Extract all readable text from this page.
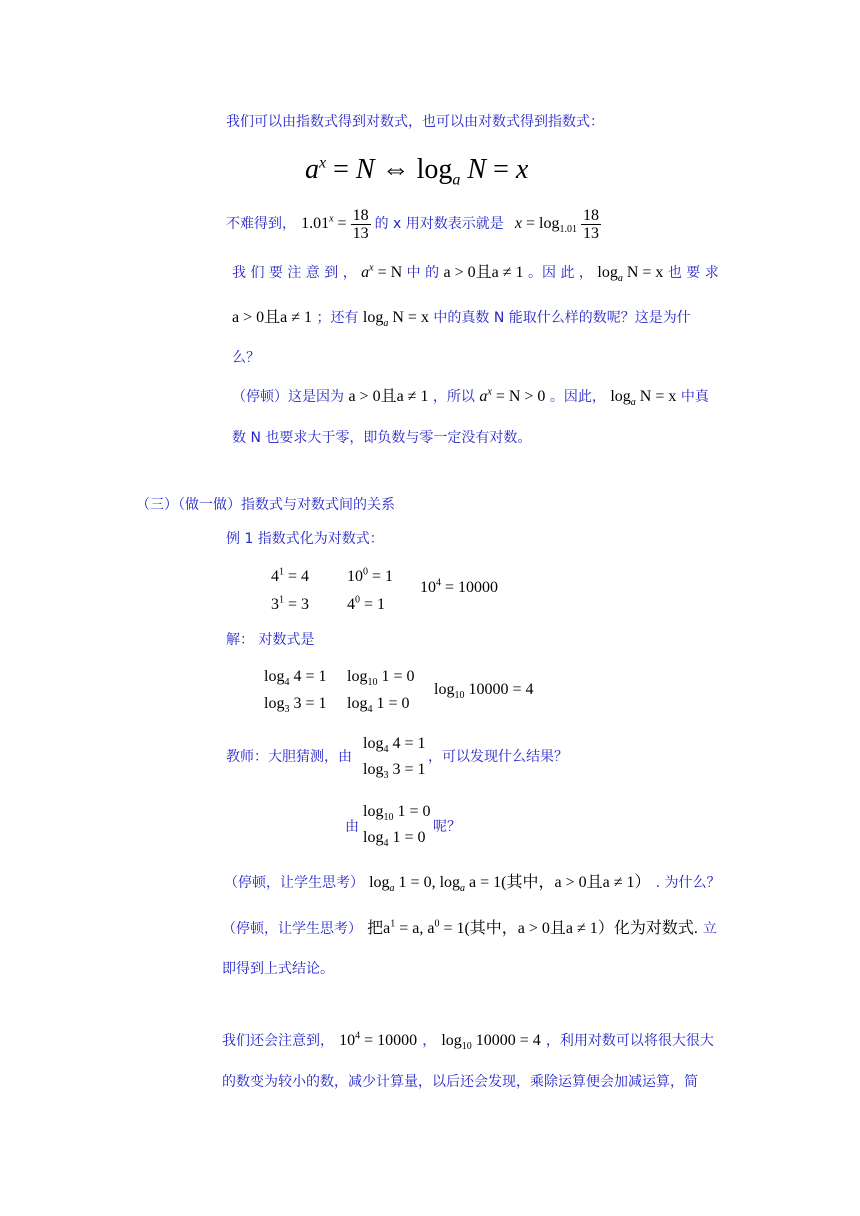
我们可以由指数式得到对数式，也可以由对数式得到指数式：
$a^x = N$ ⇔ $\log_a N = x$
不难得到， $1.01^x = \frac{18}{13}$ 的 x 用对数表示就是 $x = \log_{1.01} \frac{18}{13}$
我 们 要 注 意 到 ， $a^x = N$ 中 的 a > 0且a ≠ 1 。因 此 ， $\log_a N = x$ 也 要 求
a > 0且a ≠ 1 ；还有 $\log_a N = x$ 中的真数 N 能取什么样的数呢？这是为什
么？
（停顿）这是因为 a > 0且a ≠ 1 ，所以 $a^x = N > 0$ 。因此， $\log_a N = x$ 中真
数 N 也要求大于零，即负数与零一定没有对数。
（三）（做一做）指数式与对数式间的关系
例 1 指数式化为对数式：
$4^1 = 4$ $10^0 = 1$
$3^1 = 3$ $4^0 = 1$
$10^4 = 10000$
解： 对数式是
$\log_4 4 = 1$ $\log_{10} 1 = 0$
$\log_3 3 = 1$ $\log_4 1 = 0$
$\log_{10} 10000 = 4$
教师：大胆猜测，由
$\log_4 4 = 1$
$\log_3 3 = 1$
，可以发现什么结果？
由
$\log_{10} 1 = 0$
$\log_4 1 = 0$
呢？
（停顿，让学生思考） $\log_a 1 = 0$, $\log_a a = 1$(其中，a > 0且a ≠ 1） . 为什么？
（停顿，让学生思考） 把$a^1 = a$, $a^0 = 1$(其中，a > 0且a ≠ 1）化为对数式. 立
即得到上式结论。
我们还会注意到， $10^4 = 10000$ ， $\log_{10} 10000 = 4$ ，利用对数可以将很大很大
的数变为较小的数，减少计算量，以后还会发现，乘除运算便会加减运算，简
